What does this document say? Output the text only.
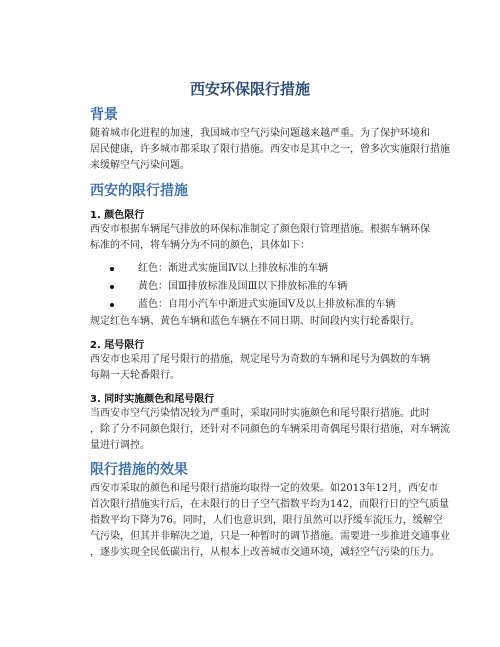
西安环保限行措施
背景
随着城市化进程的加速，我国城市空气污染问题越来越严重。为了保护环境和
居民健康，许多城市都采取了限行措施。西安市是其中之一，曾多次实施限行措施
来缓解空气污染问题。
西安的限行措施
1. 颜色限行
西安市根据车辆尾气排放的环保标准制定了颜色限行管理措施。根据车辆环保
标准的不同，将车辆分为不同的颜色，具体如下：
红色：渐进式实施国Ⅳ以上排放标准的车辆
黄色：国Ⅲ排放标准及国Ⅲ以下排放标准的车辆
蓝色：自用小汽车中渐进式实施国Ⅴ及以上排放标准的车辆
规定红色车辆、黄色车辆和蓝色车辆在不同日期、时间段内实行轮番限行。
2. 尾号限行
西安市也采用了尾号限行的措施，规定尾号为奇数的车辆和尾号为偶数的车辆
每隔一天轮番限行。
3. 同时实施颜色和尾号限行
当西安市空气污染情况较为严重时，采取同时实施颜色和尾号限行措施。此时
，除了分不同颜色限行，还针对不同颜色的车辆采用奇偶尾号限行措施，对车辆流
量进行调控。
限行措施的效果
西安市采取的颜色和尾号限行措施均取得一定的效果。如2013年12月，西安市
首次限行措施实行后，在未限行的日子空气指数平均为142，而限行日的空气质量
指数平均下降为76。同时，人们也意识到，限行虽然可以抒缓车流压力，缓解空
气污染，但其并非解决之道，只是一种暂时的调节措施。需要进一步推进交通事业
，逐步实现全民低碳出行，从根本上改善城市交通环境，减轻空气污染的压力。
